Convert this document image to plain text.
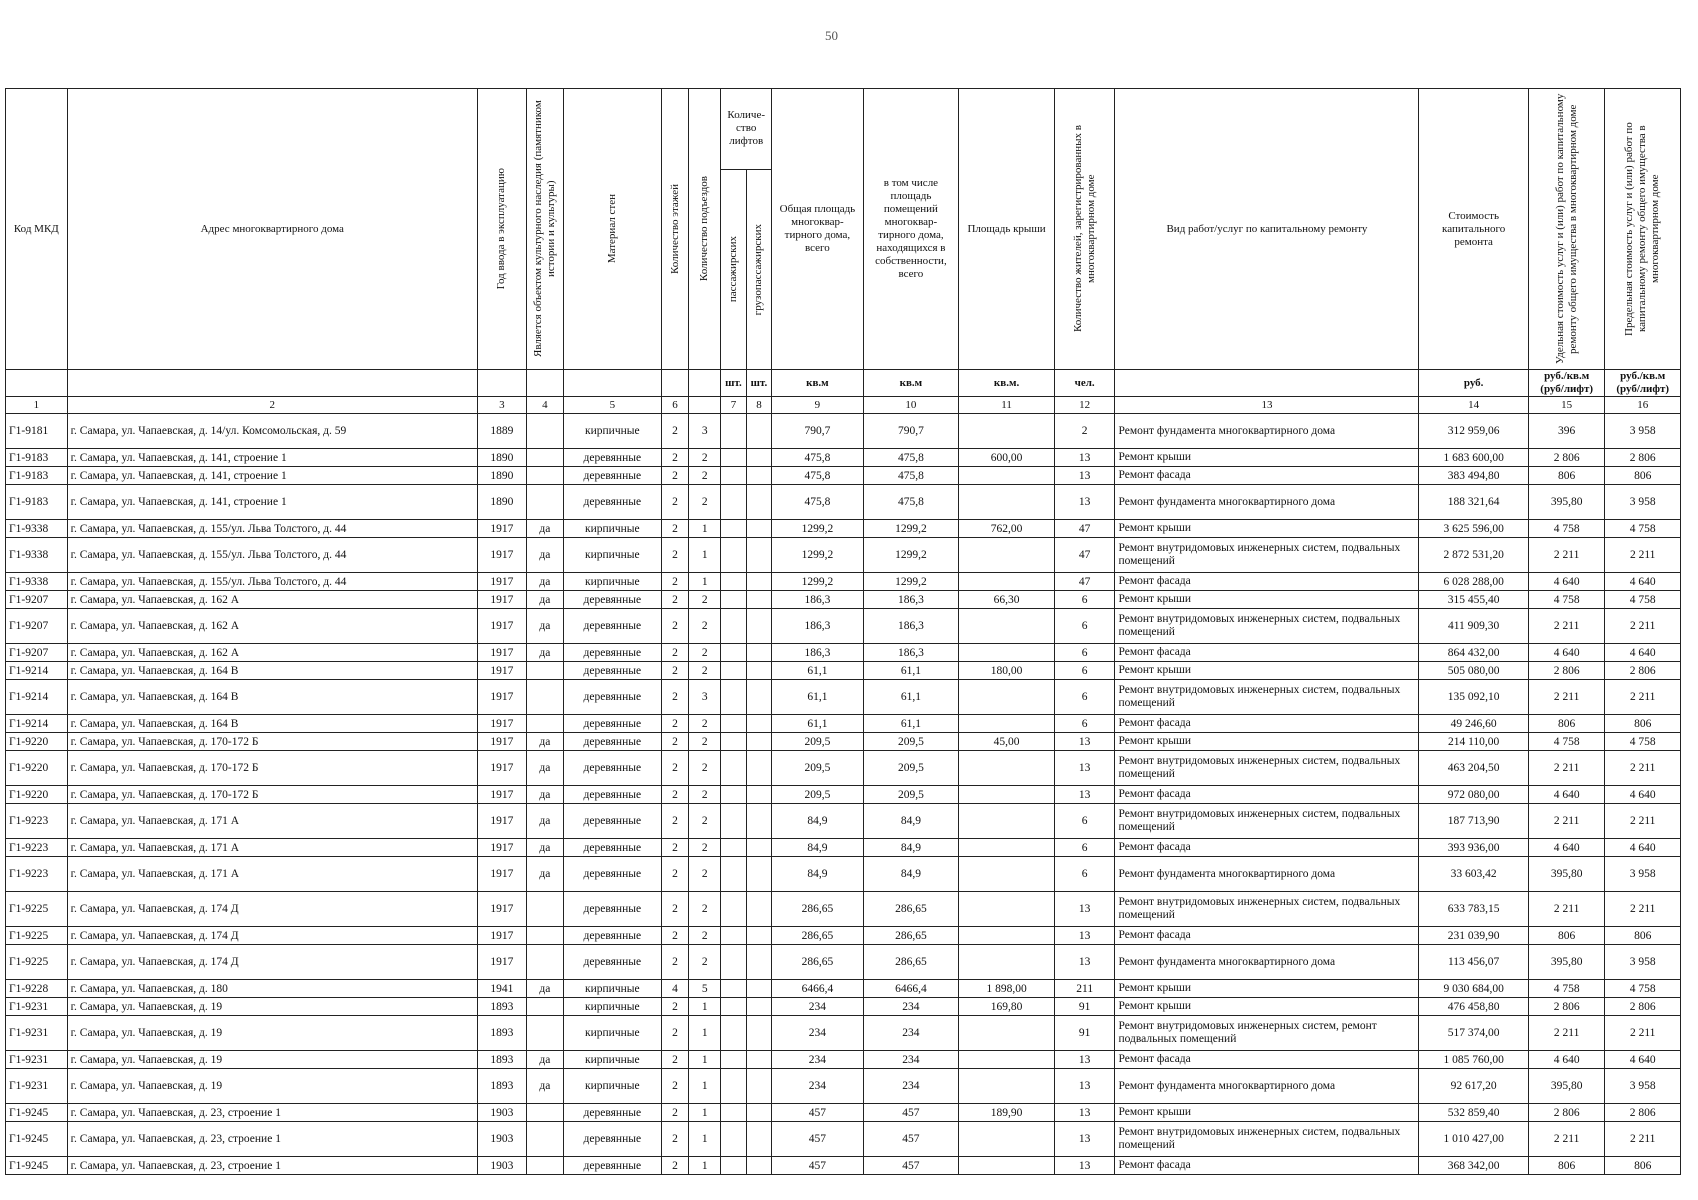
50
Код МКД	Адрес многоквартирного дома	Год ввода в эксплуатацию	Является объектом культурного наследия (памятником истории и культуры)	Материал стен	Количество этажей	Количество подъездов	Количе-ство лифтов		Общая площадь многоквар-тирного дома, всего	в том числе площадь помещений многоквар-тирного дома, находящихся в собственности, всего	Площадь крыши	Количество жителей, зарегистрированных в многоквартирном доме	Вид работ/услуг по капитальному ремонту	Стоимость капитального ремонта	Удельная стоимость услуг и (или) работ по капитальному ремонту общего имущества в многоквартирном доме	Предельная стоимость услуг и (или) работ по капитальному ремонту общего имущества в многоквартирном доме

							пассажирских	грузопассажирских								

							шт.	шт.	кв.м	кв.м	кв.м.	чел.		руб.	руб./кв.м (руб/лифт)	руб./кв.м (руб/лифт)
1	2	3	4	5	6		7	8	9	10	11	12	13	14	15	16
Г1-9181	г. Самара, ул. Чапаевская, д. 14/ул. Комсомольская, д. 59	1889		кирпичные	2	3			790,7	790,7		2	Ремонт фундамента многоквартирного дома	312 959,06	396	3 958
Г1-9183	г. Самара, ул. Чапаевская, д. 141, строение 1	1890		деревянные	2	2			475,8	475,8	600,00	13	Ремонт крыши	1 683 600,00	2 806	2 806
Г1-9183	г. Самара, ул. Чапаевская, д. 141, строение 1	1890		деревянные	2	2			475,8	475,8		13	Ремонт фасада	383 494,80	806	806
Г1-9183	г. Самара, ул. Чапаевская, д. 141, строение 1	1890		деревянные	2	2			475,8	475,8		13	Ремонт фундамента многоквартирного дома	188 321,64	395,80	3 958
Г1-9338	г. Самара, ул. Чапаевская, д. 155/ул. Льва Толстого, д. 44	1917	да	кирпичные	2	1			1299,2	1299,2	762,00	47	Ремонт крыши	3 625 596,00	4 758	4 758
Г1-9338	г. Самара, ул. Чапаевская, д. 155/ул. Льва Толстого, д. 44	1917	да	кирпичные	2	1			1299,2	1299,2		47	Ремонт внутридомовых инженерных систем, подвальных помещений	2 872 531,20	2 211	2 211
Г1-9338	г. Самара, ул. Чапаевская, д. 155/ул. Льва Толстого, д. 44	1917	да	кирпичные	2	1			1299,2	1299,2		47	Ремонт фасада	6 028 288,00	4 640	4 640
Г1-9207	г. Самара, ул. Чапаевская, д. 162 А	1917	да	деревянные	2	2			186,3	186,3	66,30	6	Ремонт крыши	315 455,40	4 758	4 758
Г1-9207	г. Самара, ул. Чапаевская, д. 162 А	1917	да	деревянные	2	2			186,3	186,3		6	Ремонт внутридомовых инженерных систем, подвальных помещений	411 909,30	2 211	2 211
Г1-9207	г. Самара, ул. Чапаевская, д. 162 А	1917	да	деревянные	2	2			186,3	186,3		6	Ремонт фасада	864 432,00	4 640	4 640
Г1-9214	г. Самара, ул. Чапаевская, д. 164 В	1917		деревянные	2	2			61,1	61,1	180,00	6	Ремонт крыши	505 080,00	2 806	2 806
Г1-9214	г. Самара, ул. Чапаевская, д. 164 В	1917		деревянные	2	3			61,1	61,1		6	Ремонт внутридомовых инженерных систем, подвальных помещений	135 092,10	2 211	2 211
Г1-9214	г. Самара, ул. Чапаевская, д. 164 В	1917		деревянные	2	2			61,1	61,1		6	Ремонт фасада	49 246,60	806	806
Г1-9220	г. Самара, ул. Чапаевская, д. 170-172 Б	1917	да	деревянные	2	2			209,5	209,5	45,00	13	Ремонт крыши	214 110,00	4 758	4 758
Г1-9220	г. Самара, ул. Чапаевская, д. 170-172 Б	1917	да	деревянные	2	2			209,5	209,5		13	Ремонт внутридомовых инженерных систем, подвальных помещений	463 204,50	2 211	2 211
Г1-9220	г. Самара, ул. Чапаевская, д. 170-172 Б	1917	да	деревянные	2	2			209,5	209,5		13	Ремонт фасада	972 080,00	4 640	4 640
Г1-9223	г. Самара, ул. Чапаевская, д. 171 А	1917	да	деревянные	2	2			84,9	84,9		6	Ремонт внутридомовых инженерных систем, подвальных помещений	187 713,90	2 211	2 211
Г1-9223	г. Самара, ул. Чапаевская, д. 171 А	1917	да	деревянные	2	2			84,9	84,9		6	Ремонт фасада	393 936,00	4 640	4 640
Г1-9223	г. Самара, ул. Чапаевская, д. 171 А	1917	да	деревянные	2	2			84,9	84,9		6	Ремонт фундамента многоквартирного дома	33 603,42	395,80	3 958
Г1-9225	г. Самара, ул. Чапаевская, д. 174 Д	1917		деревянные	2	2			286,65	286,65		13	Ремонт внутридомовых инженерных систем, подвальных помещений	633 783,15	2 211	2 211
Г1-9225	г. Самара, ул. Чапаевская, д. 174 Д	1917		деревянные	2	2			286,65	286,65		13	Ремонт фасада	231 039,90	806	806
Г1-9225	г. Самара, ул. Чапаевская, д. 174 Д	1917		деревянные	2	2			286,65	286,65		13	Ремонт фундамента многоквартирного дома	113 456,07	395,80	3 958
Г1-9228	г. Самара, ул. Чапаевская, д. 180	1941	да	кирпичные	4	5			6466,4	6466,4	1 898,00	211	Ремонт крыши	9 030 684,00	4 758	4 758
Г1-9231	г. Самара, ул. Чапаевская, д. 19	1893		кирпичные	2	1			234	234	169,80	91	Ремонт крыши	476 458,80	2 806	2 806
Г1-9231	г. Самара, ул. Чапаевская, д. 19	1893		кирпичные	2	1			234	234		91	Ремонт внутридомовых инженерных систем, ремонт подвальных помещений	517 374,00	2 211	2 211
Г1-9231	г. Самара, ул. Чапаевская, д. 19	1893	да	кирпичные	2	1			234	234		13	Ремонт фасада	1 085 760,00	4 640	4 640
Г1-9231	г. Самара, ул. Чапаевская, д. 19	1893	да	кирпичные	2	1			234	234		13	Ремонт фундамента многоквартирного дома	92 617,20	395,80	3 958
Г1-9245	г. Самара, ул. Чапаевская, д. 23, строение 1	1903		деревянные	2	1			457	457	189,90	13	Ремонт крыши	532 859,40	2 806	2 806
Г1-9245	г. Самара, ул. Чапаевская, д. 23, строение 1	1903		деревянные	2	1			457	457		13	Ремонт внутридомовых инженерных систем, подвальных помещений	1 010 427,00	2 211	2 211
Г1-9245	г. Самара, ул. Чапаевская, д. 23, строение 1	1903		деревянные	2	1			457	457		13	Ремонт фасада	368 342,00	806	806
